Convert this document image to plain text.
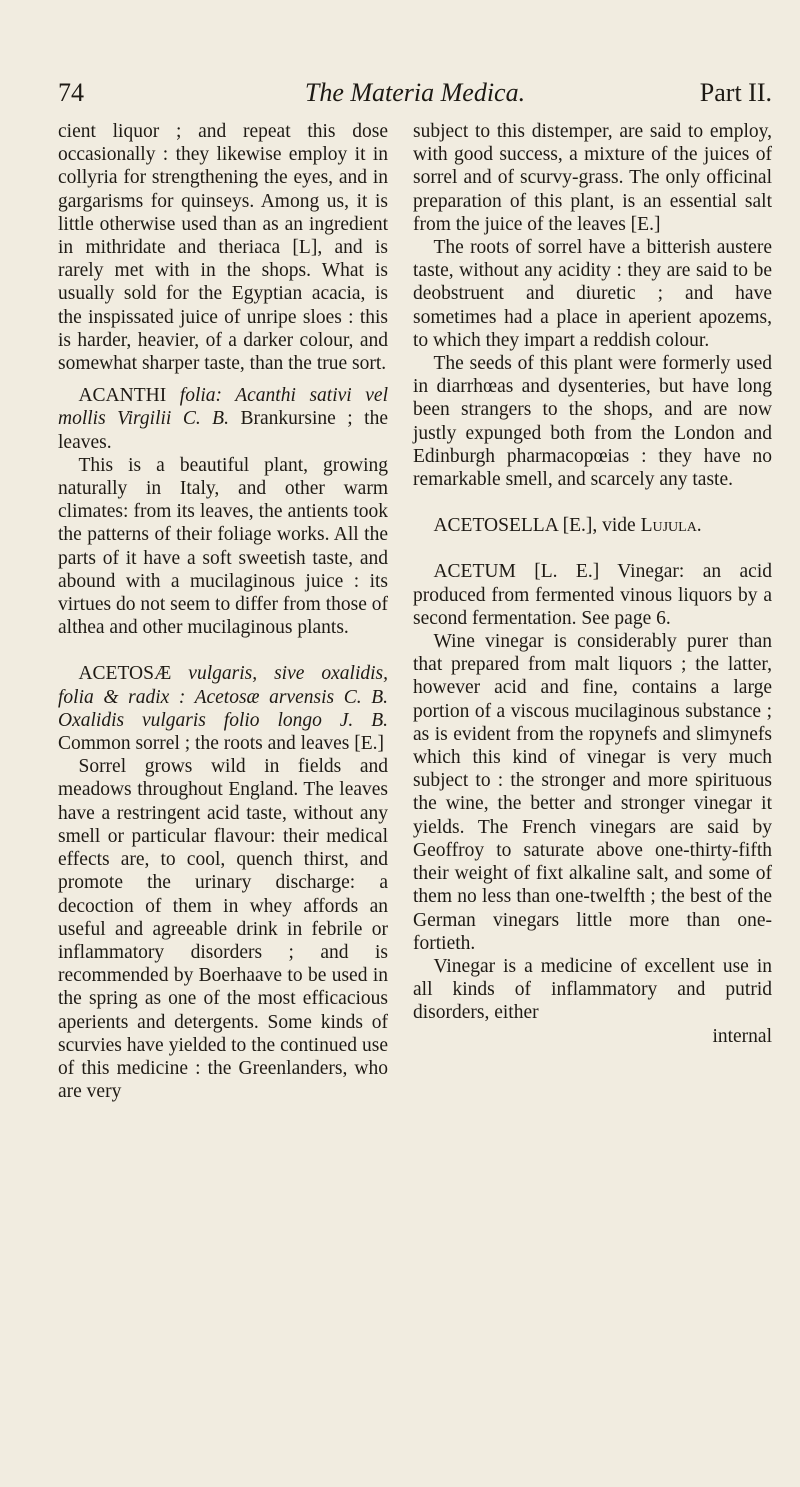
74	The Materia Medica.	Part II.

cient liquor ; and repeat this dose occasionally : they likewise employ it in collyria for strengthening the eyes, and in gargarisms for quinseys. Among us, it is little otherwise used than as an ingredient in mithridate and theriaca [L], and is rarely met with in the shops. What is usually sold for the Egyptian acacia, is the inspissated juice of unripe sloes : this is harder, heavier, of a darker colour, and somewhat sharper taste, than the true sort.

ACANTHI folia: Acanthi sativi vel mollis Virgilii C. B. Brankursine ; the leaves.

This is a beautiful plant, growing naturally in Italy, and other warm climates: from its leaves, the antients took the patterns of their foliage works. All the parts of it have a soft sweetish taste, and abound with a mucilaginous juice : its virtues do not seem to differ from those of althea and other mucilaginous plants.

ACETOSÆ vulgaris, sive oxalidis, folia & radix : Acetosæ arvensis C. B. Oxalidis vulgaris folio longo J. B. Common sorrel ; the roots and leaves [E.]

Sorrel grows wild in fields and meadows throughout England. The leaves have a restringent acid taste, without any smell or particular flavour: their medical effects are, to cool, quench thirst, and promote the urinary discharge: a decoction of them in whey affords an useful and agreeable drink in febrile or inflammatory disorders ; and is recommended by Boerhaave to be used in the spring as one of the most efficacious aperients and detergents. Some kinds of scurvies have yielded to the continued use of this medicine : the Greenlanders, who are very

subject to this distemper, are said to employ, with good success, a mixture of the juices of sorrel and of scurvy-grass. The only officinal preparation of this plant, is an essential salt from the juice of the leaves [E.]

The roots of sorrel have a bitterish austere taste, without any acidity : they are said to be deobstruent and diuretic ; and have sometimes had a place in aperient apozems, to which they impart a reddish colour.

The seeds of this plant were formerly used in diarrhœas and dysenteries, but have long been strangers to the shops, and are now justly expunged both from the London and Edinburgh pharmacopœias : they have no remarkable smell, and scarcely any taste.

ACETOSELLA [E.], vide Lujula.

ACETUM [L. E.] Vinegar: an acid produced from fermented vinous liquors by a second fermentation. See page 6.

Wine vinegar is considerably purer than that prepared from malt liquors ; the latter, however acid and fine, contains a large portion of a viscous mucilaginous substance ; as is evident from the ropynefs and slimynefs which this kind of vinegar is very much subject to : the stronger and more spirituous the wine, the better and stronger vinegar it yields. The French vinegars are said by Geoffroy to saturate above one-thirty-fifth their weight of fixt alkaline salt, and some of them no less than one-twelfth ; the best of the German vinegars little more than one-fortieth.

Vinegar is a medicine of excellent use in all kinds of inflammatory and putrid disorders, either

internal
